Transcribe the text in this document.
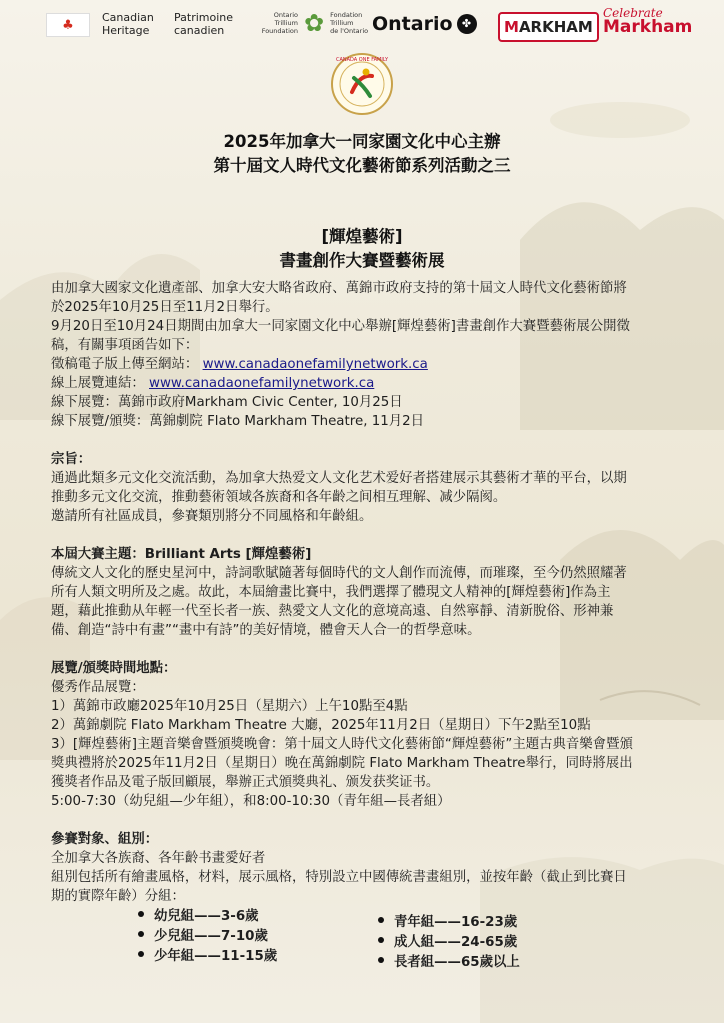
♣	Canadian
Heritage
Patrimoine
canadien
Ontario
Trillium
Foundation ✿ Fondation
Trillium
de l'Ontario Ontario ✤	M ARKHAM
Celebrate
Markham
CANADA ONE FAMILY
2025年加拿大一同家園文化中心主辦
第十屆文人時代文化藝術節系列活動之三
[輝煌藝術]
書畫創作大賽暨藝術展

由加拿大國家文化遺產部、加拿大安大略省政府、萬錦市政府支持的第十屆文人時代文化藝術節將

於2025年10月25日至11月2日舉行。

9月20日至10月24日期間由加拿大一同家園文化中心舉辦[輝煌藝術]書畫創作大賽暨藝術展公開徵

稿，有關事項函告如下：

徵稿電子版上傳至網站： www.canadaonefamilynetwork.ca

線上展覽連結： www.canadaonefamilynetwork.ca

線下展覽：萬錦市政府Markham Civic Center, 10月25日

線下展覽/頒獎：萬錦劇院 Flato Markham Theatre, 11月2日

宗旨：

通過此類多元文化交流活動，為加拿大热爱文人文化艺术爱好者搭建展示其藝術才華的平台，以期

推動多元文化交流，推動藝術領域各族裔和各年齡之间相互理解、减少隔阂。

邀請所有社區成員，參賽類別將分不同風格和年齡組。

本屆大賽主題：Brilliant Arts [輝煌藝術]

傳統文人文化的歷史星河中，詩詞歌賦隨著每個時代的文人創作而流傳，而璀璨，至今仍然照耀著

所有人類文明所及之處。故此，本屆繪畫比賽中，我們選擇了體現文人精神的[輝煌藝術]作為主

題，藉此推動从年輕一代至长者一族、熱愛文人文化的意境高遠、自然寧靜、清新脫俗、形神兼

備、創造“詩中有畫”“畫中有詩”的美好情境，體會天人合一的哲學意味。

展覽/頒獎時間地點：

優秀作品展覽：

1）萬錦市政廳2025年10月25日（星期六）上午10點至4點

2）萬錦劇院 Flato Markham Theatre 大廳，2025年11月2日（星期日）下午2點至10點

3）[輝煌藝術]主題音樂會暨頒獎晚會：第十屆文人時代文化藝術節“輝煌藝術”主題古典音樂會暨頒

獎典禮將於2025年11月2日（星期日）晚在萬錦劇院 Flato Markham Theatre舉行，同時將展出

獲獎者作品及電子版回顧展，舉辦正式頒獎典礼、颁发获奖证书。

5:00-7:30（幼兒組—少年組），和8:00-10:30（青年組—長者組）

參賽對象、組別：

全加拿大各族裔、各年齡书畫愛好者

組別包括所有繪畫風格，材料，展示風格，特別設立中國傳統書畫組別，並按年齡（截止到比賽日

期的實際年齡）分組：

幼兒組——3-6歲
少兒組——7-10歲
少年組——11-15歲
青年組——16-23歲
成人組——24-65歲
長者組——65歲以上
